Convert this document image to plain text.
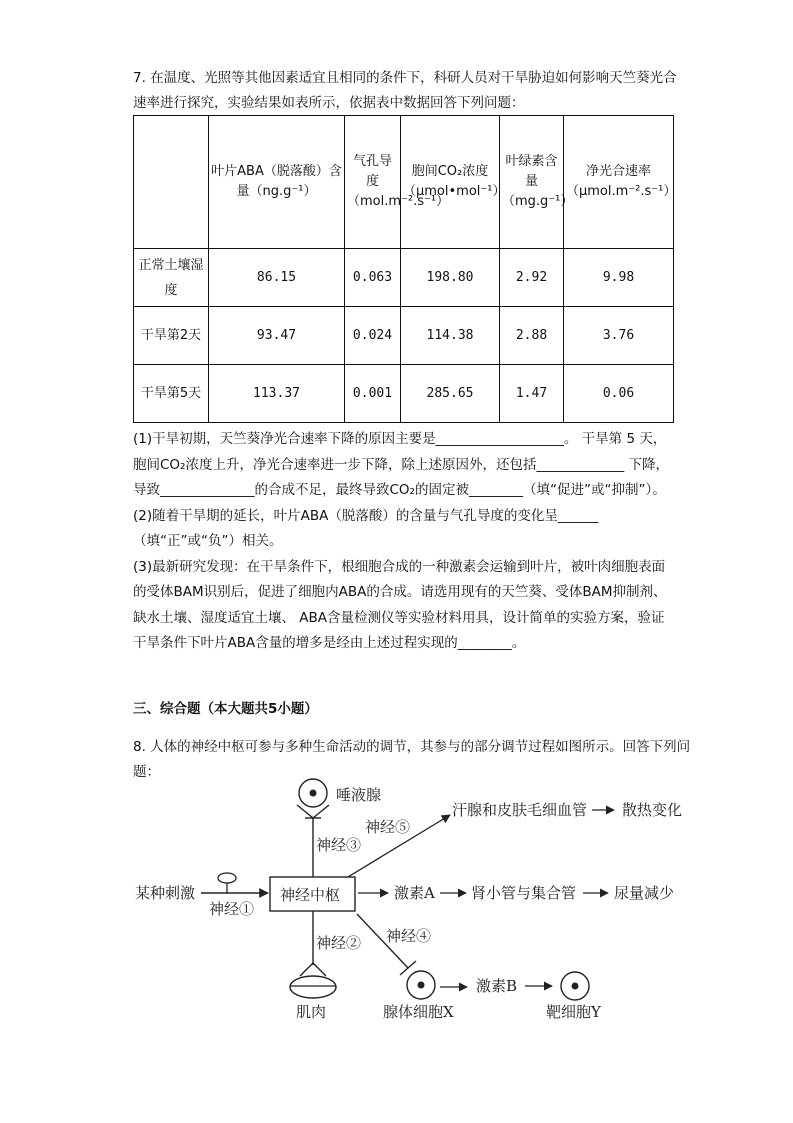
7. 在温度、光照等其他因素适宜且相同的条件下，科研人员对干旱胁迫如何影响天竺葵光合速率进行探究，实验结果如表所示，依据表中数据回答下列问题：

	叶片ABA（脱落酸）含量（ng.g⁻¹）	气孔导度（mol.m⁻².s⁻¹）	胞间CO₂浓度（μmol•mol⁻¹）	叶绿素含量（mg.g⁻¹）	净光合速率（μmol.m⁻².s⁻¹）
正常土壤湿度	86.15	0.063	198.80	2.92	9.98
干旱第2天	93.47	0.024	114.38	2.88	3.76
干旱第5天	113.37	0.001	285.65	1.47	0.06

(1)干旱初期，天竺葵净光合速率下降的原因主要是___________________。 干旱第 5 天，胞间CO₂浓度上升，净光合速率进一步下降，除上述原因外，还包括_____________ 下降，导致______________的合成不足，最终导致CO₂的固定被________（填“促进”或“抑制”）。

(2)随着干旱期的延长，叶片ABA（脱落酸）的含量与气孔导度的变化呈______（填“正”或“负”）相关。

(3)最新研究发现：在干旱条件下，根细胞合成的一种激素会运输到叶片，被叶肉细胞表面的受体BAM识别后，促进了细胞内ABA的合成。请选用现有的天竺葵、受体BAM抑制剂、缺水土壤、湿度适宜土壤、 ABA含量检测仪等实验材料用具，设计简单的实验方案，验证干旱条件下叶片ABA含量的增多是经由上述过程实现的________。

三、综合题（本大题共5小题）

8. 人体的神经中枢可参与多种生命活动的调节，其参与的部分调节过程如图所示。回答下列问题：

唾液腺
神经③
神经⑤
汗腺和皮肤毛细血管 散热变化
某种刺激
神经①
神经中枢	激素A 肾小管与集合管	尿量减少
神经②
肌肉
神经④
腺体细胞X
激素B
靶细胞Y
